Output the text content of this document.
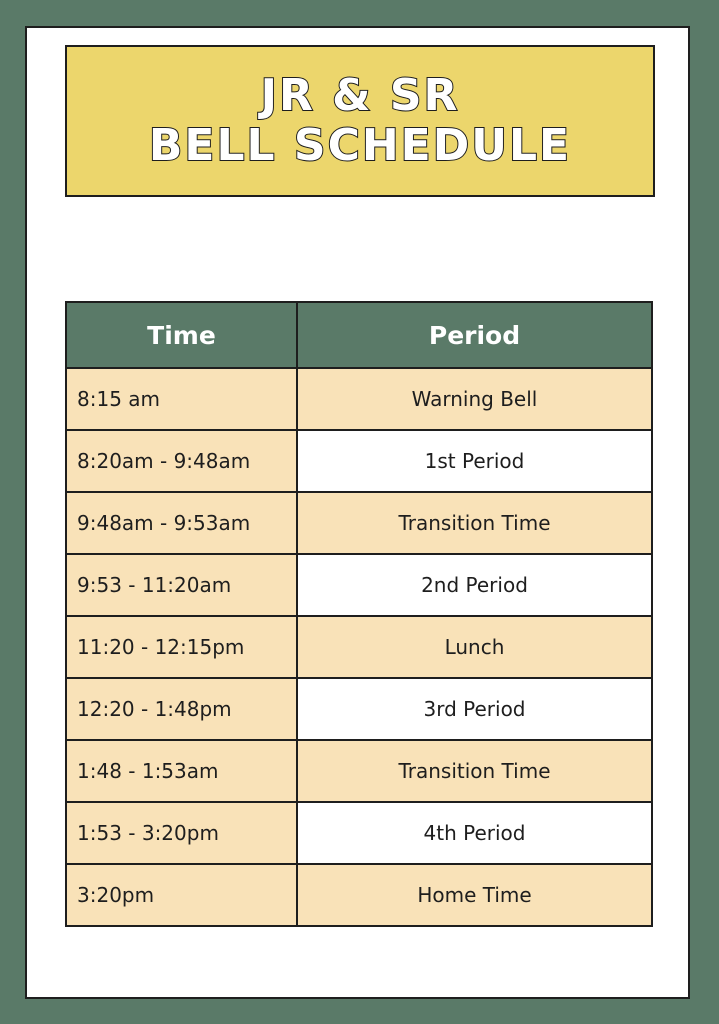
JR & SR
BELL SCHEDULE
Time	Period
8:15 am	Warning Bell
8:20am - 9:48am	1st Period
9:48am - 9:53am	Transition Time
9:53 - 11:20am	2nd Period
11:20 - 12:15pm	Lunch
12:20 - 1:48pm	3rd Period
1:48 - 1:53am	Transition Time
1:53 - 3:20pm	4th Period
3:20pm	Home Time
